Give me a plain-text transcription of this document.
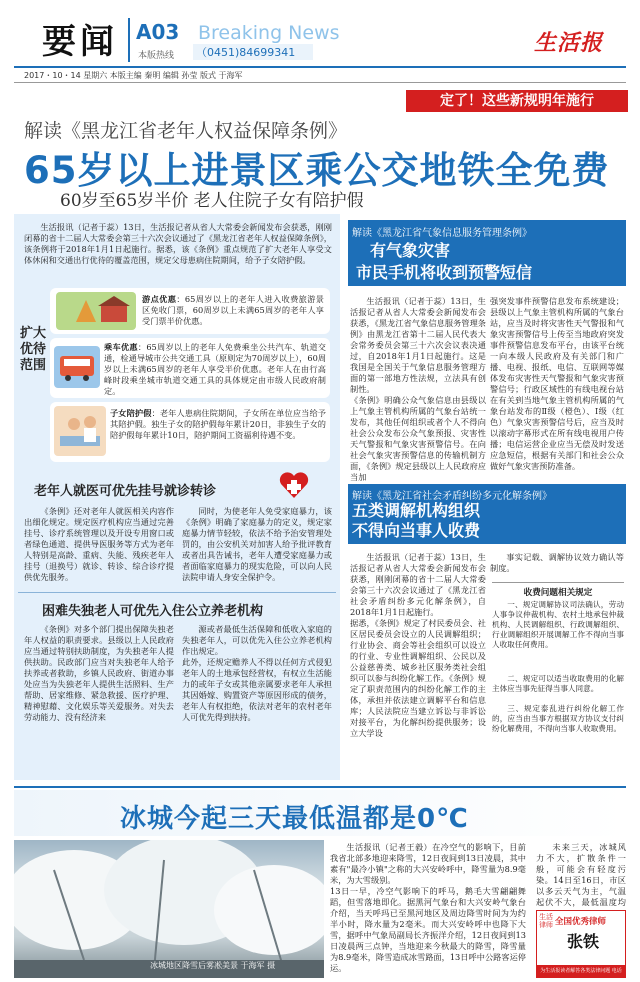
要闻 A03 Breaking News
本版热线 （0451)84699341	生活报
2017・10・14 星期六 本版主编 秦明 编辑 孙莹 版式 于海军
定了！这些新规明年施行
解读《黑龙江省老年人权益保障条例》
65岁以上进景区乘公交地铁全免费
60岁至65岁半价 老人住院子女有陪护假
生活报讯（记者于蕊）13日，生活报记者从省人大常委会新闻发布会获悉，刚刚闭幕的省十二届人大常委会第三十六次会议通过了《黑龙江省老年人权益保障条例》，该条例将于2018年1月1日起施行。据悉，该《条例》重点规范了扩大老年人享受文体休闲和交通出行优待的覆盖范围，规定父母患病住院期间，给予子女陪护假。
扩大优待范围
游点优惠：65周岁以上的老年人进入收费旅游景区免收门票，60周岁以上未满65周岁的老年人享受门票半价优惠。
乘车优惠：65周岁以上的老年人免费乘坐公共汽车、轨道交通，检通导城市公共交通工具（原则定为70周岁以上），60周岁以上未满65周岁的老年人享受半价优惠。老年人在由行高峰时段乘坐城市轨道交通工具的具体规定由市级人民政府制定。
子女陪护假：老年人患病住院期间，子女所在单位应当给予其陪护假。独生子女的陪护假每年累计20日，非独生子女的陪护假每年累计10日，陪护期间工资福利待遇不变。
老年人就医可优先挂号就诊转诊
《条例》还对老年人就医相关内容作出细化规定。规定医疗机构应当通过完善挂号、诊疗系统管理以及开设专用窗口或者绿色通道、提供导医服务等方式为老年人特别是高龄、重病、失能、残疾老年人挂号（退换号）就诊、转诊、综合诊疗提供优先服务。
同时，为使老年人免受家庭暴力，该《条例》明确了家庭暴力的定义，规定家庭暴力情节轻较，依法不给予治安管理处罚的，由公安机关对加害人给予批评教育或者出具告诫书，老年人遭受家庭暴力或者面临家庭暴力的现实危险，可以向人民法院申请人身安全保护令。
困难失独老人可优先入住公立养老机构
《条例》对多个部门提出保障失独老年人权益的职责要求。县级以上人民政府应当通过特别扶助制度，为失独老年人提供扶助。民政部门应当对失独老年人给予扶养或者救助，乡镇人民政府、街道办事处应当为失独老年人提供生活照料、生产帮助、居家维修、紧急救援、医疗护理、精神慰藉、文化娱乐等关爱服务。对失去劳动能力、没有经济来
源或者最低生活保障和低收入家庭的失独老年人，可以优先入住公立养老机构作出规定。
此外，还规定赡养人不得以任何方式侵犯老年人的土地承包经营权，有权立生活能力的或年子女或其他亲属要求老年人承担其因婚嫁、购置资产等原因形成的债务，老年人有权拒绝，依法对老年的农村老年人可优先得到扶持。
解读《黑龙江省气象信息服务管理条例》
有气象灾害
市民手机将收到预警短信
生活报讯（记者于蕊）13日，生活报记者从省人大常委会新闻发布会获悉，《黑龙江省气象信息服务管理条例》由黑龙江省第十二届人民代表大会常务委员会第三十六次会议表决通过，自2018年1月1日起施行。这是我国是全国关于气象信息服务管理方面的第一部地方性法规，立法具有创制性。
《条例》明确公众气象信息由县级以上气象主管机构所属的气象台站统一发布，其他任何组织或者个人不得向社会公众发布公众气象预报、灾害性天气警报和气象灾害预警信号。在向社会气象灾害预警信息的传输机制方面，《条例》规定县级以上人民政府应当加
强突发事件预警信息发布系统建设；县级以上气象主管机构所属的气象台站，应当及时将灾害性天气警报和气象灾害预警信号上传至当地政府突发事件预警信息发布平台，由该平台统一向本级人民政府及有关部门和广播、电视、报纸、电信、互联网等媒体发布灾害性天气警报和气象灾害预警信号；行政区域性的有线电视台站在有关到当地气象主管机构所属的气象台站发布的Ⅱ级（橙色）、Ⅰ级（红色）气象灾害预警信号后，应当及时以滚动字幕形式在所有线电视用户传播；电信运营企业应当无偿及时发送应急短信，根据有关部门和社会公众做好气象灾害预防准备。
解读《黑龙江省社会矛盾纠纷多元化解条例》
五类调解机构组织
不得向当事人收费
生活报讯（记者于蕊）13日，生活报记者从省人大常委会新闻发布会获悉，刚刚闭幕的省十二届人大常委会第三十六次会议通过了《黑龙江省社会矛盾纠纷多元化解条例》，自2018年1月1日起施行。
据悉，《条例》规定了村民委员会、社区居民委员会设立的人民调解组织；行业协会、商会等社会组织可以设立的行业、专业性调解组织、公民以及公益慈善类、城乡社区服务类社会组织可以参与纠纷化解工作。《条例》规定了职责范围内的纠纷化解工作的主体，承担并依法建立调解平台和信息库；人民法院应当建立诉讼与非诉讼对接平台，为化解纠纷提供服务；设立大学设
事实记载、调解协议效力确认等制度。
收费问题相关规定
一、规定调解协议司法确认，劳动人事争议仲裁机构、农村土地承包仲裁机构、人民调解组织、行政调解组织、行业调解组织开展调解工作不得向当事人收取任何费用。
二、规定可以适当收取费用的化解主体应当事先征得当事人同意。
三、规定泰乱进行纠纷化解工作的，应当由当事方根据双方协议支付纠纷化解费用，不得向当事人收取费用。
冰城今起三天最低温都是0℃
冰城地区降雪后雾凇美景 于海军 摄
生活报讯（记者王毅）在冷空气的影响下，目前我省北部多地迎来降雪，12日夜间到13日凌晨，其中素有"最冷小镇"之称的大兴安岭呼中，降雪量为8.9毫米，为大雪级别。
13日一早，冷空气影响下的呼马，鹅毛大雪翩翩舞蹈，但雪落地即化。据黑河气象台和大兴安岭气象台介绍，当天呼玛已至黑河地区及周边降雪时间为为约半小时，降水量为2毫米。而大兴安岭呼中也降下大雪，据呼中气象局副局长齐振洋介绍，12日夜间到13日凌晨两三点钟，当地迎来今秋最大的降雪，降雪量为8.9毫米，降雪造成冰雪路面，13日呼中公路客运停运。
未来三天，冰城风力不大，扩散条件一般，可能会有轻度污染。14日至16日，市区以多云天气为主，气温起伏不大，最低温度均
生活律师 全国优秀律师
张铁
为生活报读者解答各类法律问题 电话
